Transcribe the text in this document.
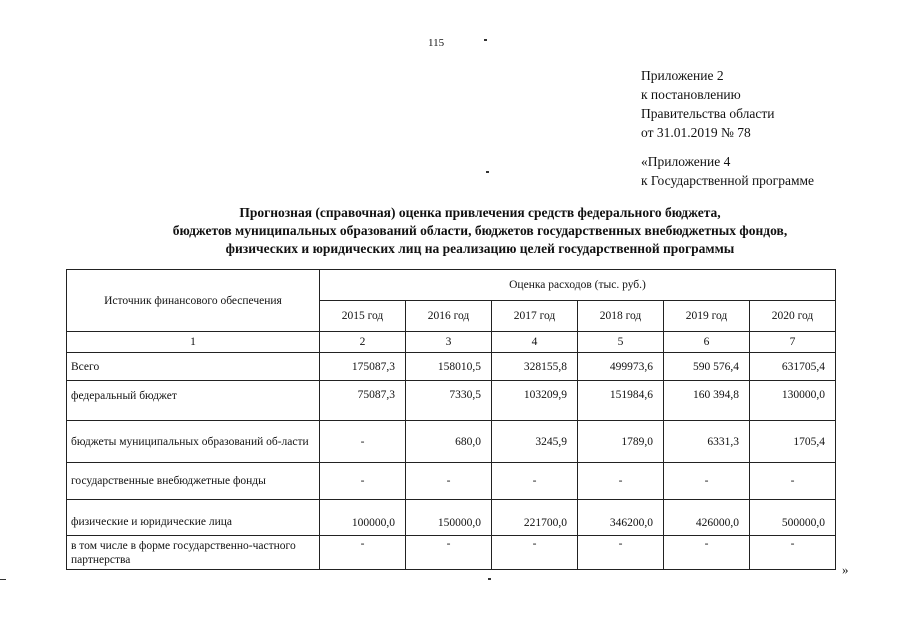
115
Приложение 2
к постановлению
Правительства области
от 31.01.2019 № 78
«Приложение 4
к Государственной программе
Прогнозная (справочная) оценка привлечения средств федерального бюджета,
бюджетов муниципальных образований области, бюджетов государственных внебюджетных фондов,
физических и юридических лиц на реализацию целей государственной программы
Источник финансового обеспечения	Оценка расходов (тыс. руб.)					
	2015 год	2016 год	2017 год	2018 год	2019 год	2020 год
1	2	3	4	5	6	7
Всего	175087,3	158010,5	328155,8	499973,6	590 576,4	631705,4
федеральный бюджет	75087,3	7330,5	103209,9	151984,6	160 394,8	130000,0
бюджеты муниципальных образований об-ласти	-	680,0	3245,9	1789,0	6331,3	1705,4
государственные внебюджетные фонды	-	-	-	-	-	-
физические и юридические лица	100000,0	150000,0	221700,0	346200,0	426000,0	500000,0
в том числе в форме государственно-частного партнерства	-	-	-	-	-	-
»
